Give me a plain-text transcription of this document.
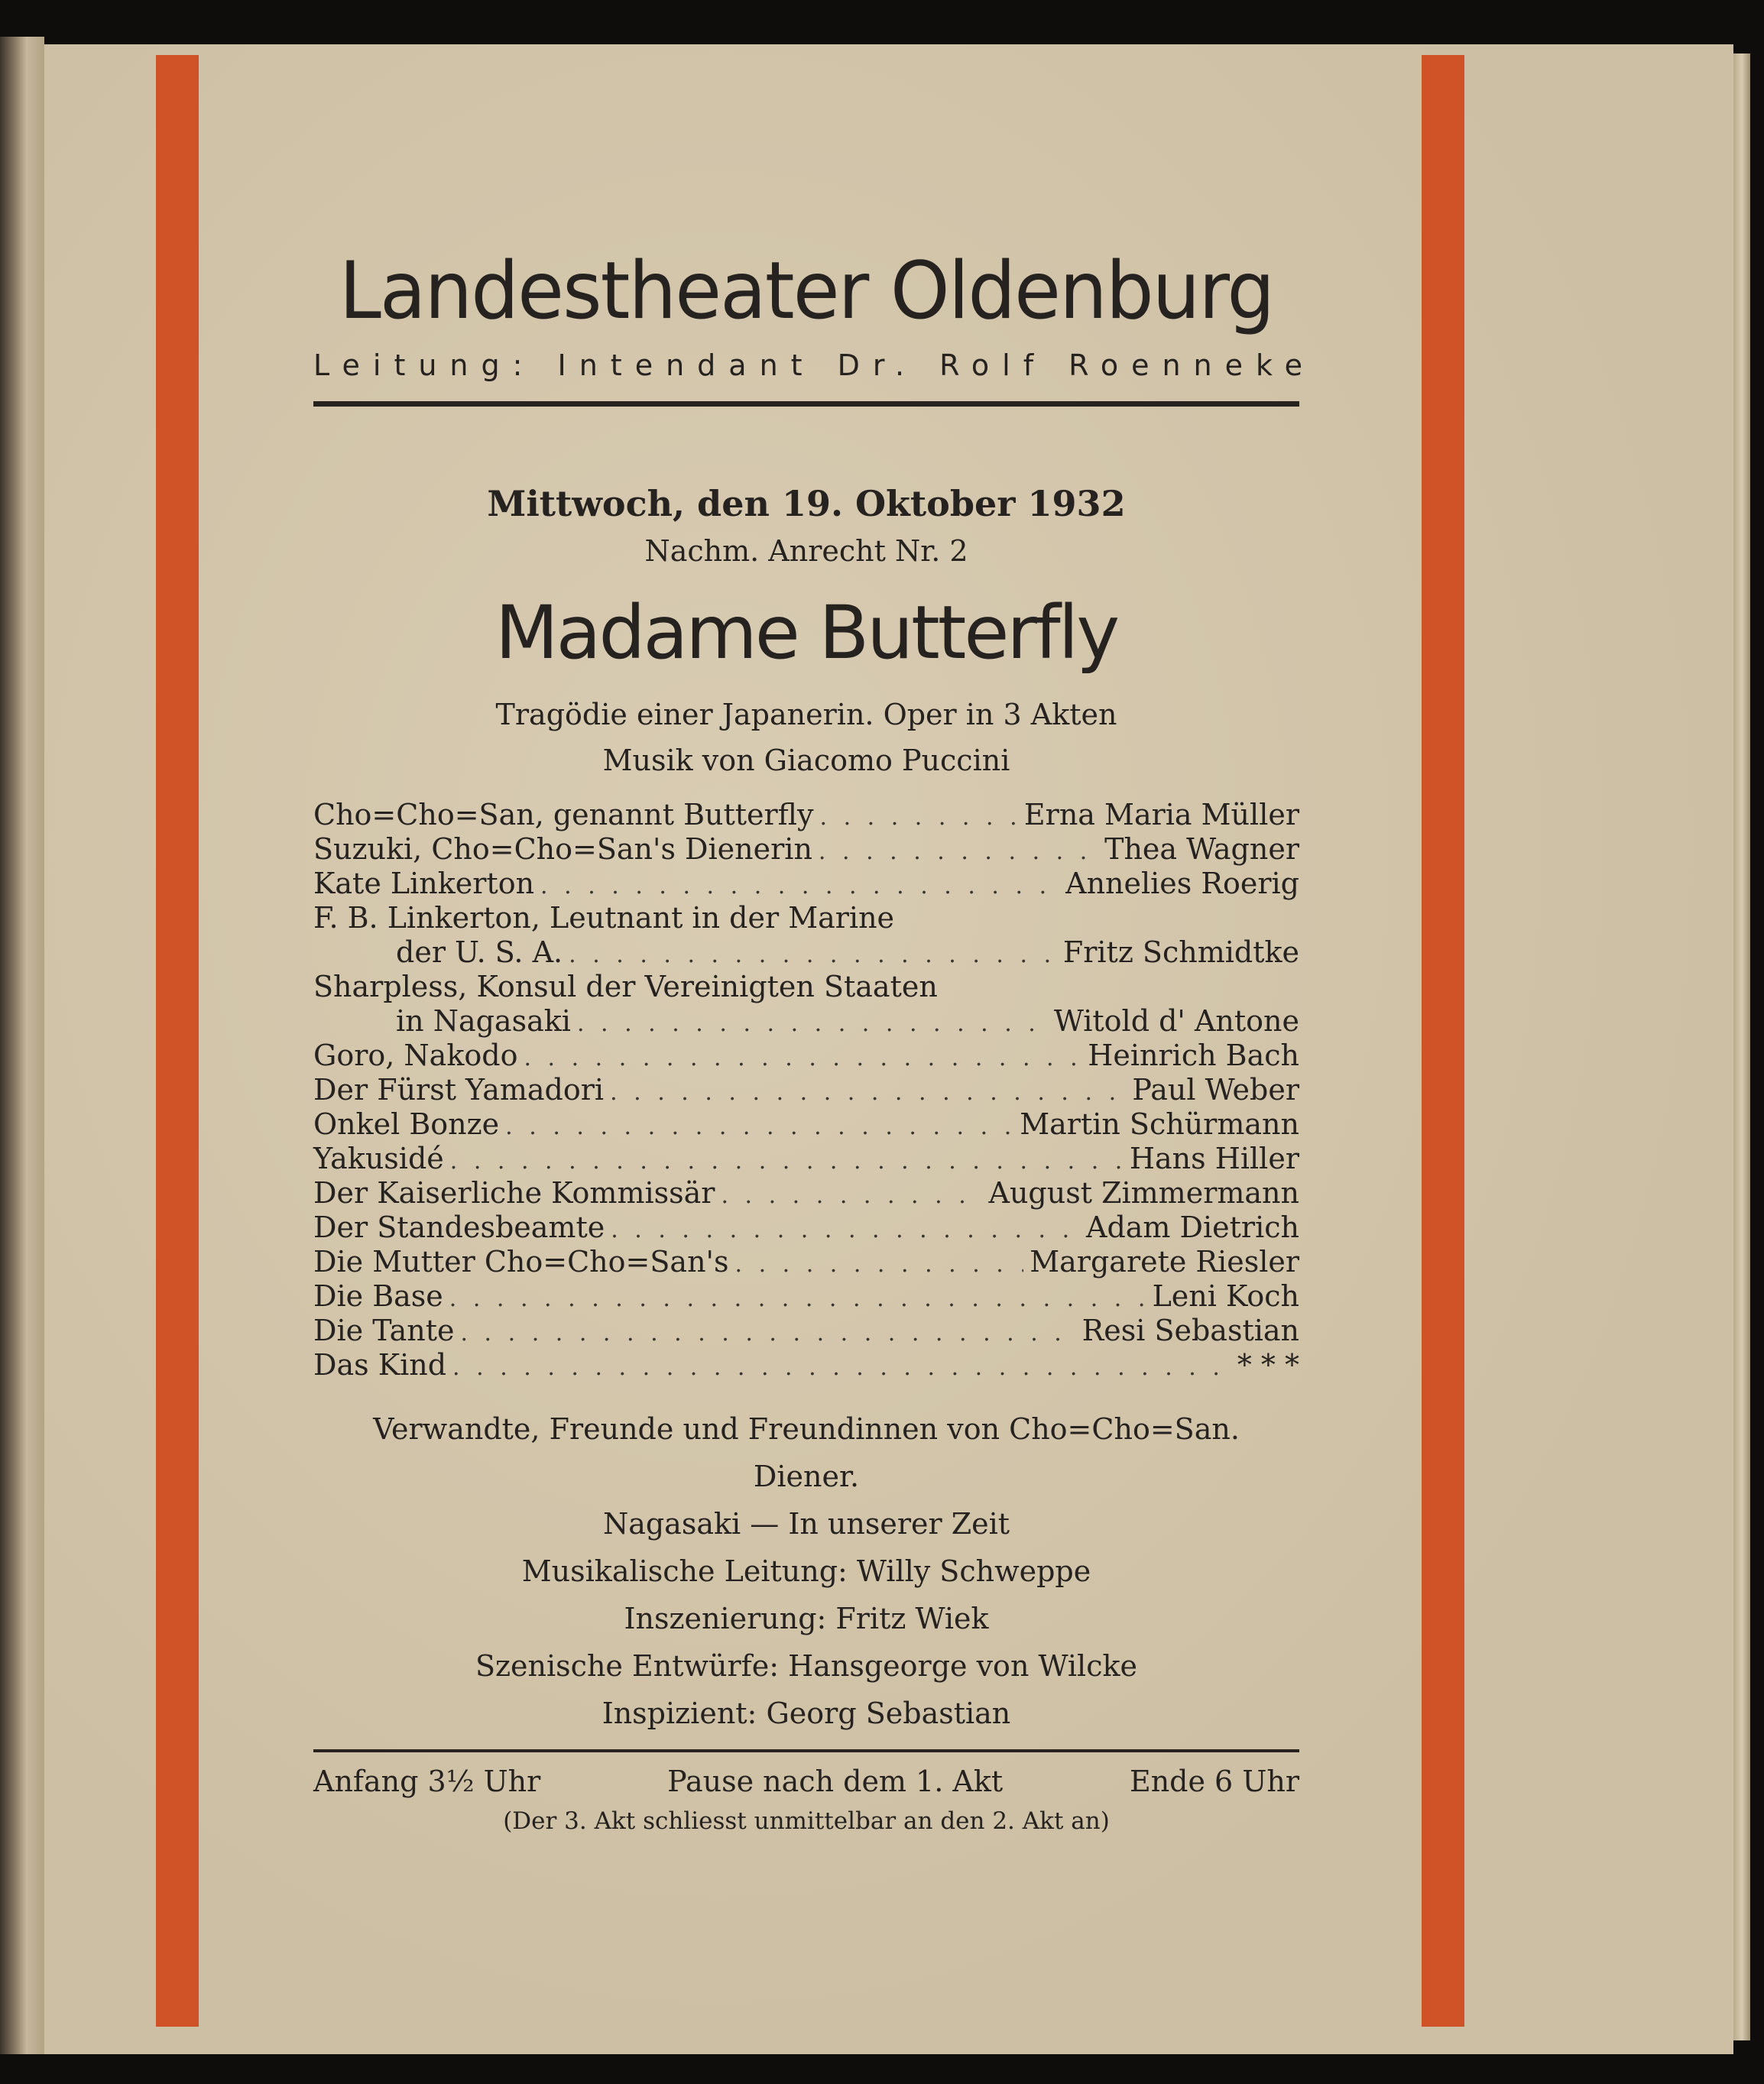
Landestheater Oldenburg
Leitung: Intendant Dr. Rolf Roenneke
Mittwoch, den 19. Oktober 1932
Nachm. Anrecht Nr. 2
Madame Butterfly
Tragödie einer Japanerin. Oper in 3 Akten
Musik von Giacomo Puccini
Cho=Cho=San, genannt Butterfly . . .	Erna Maria Müller
Suzuki, Cho=Cho=San's Dienerin . . .	Thea Wagner
Kate Linkerton . . .	Annelies Roerig
F. B. Linkerton, Leutnant in der Marine
der U. S. A. . . .	Fritz Schmidtke
Sharpless, Konsul der Vereinigten Staaten
in Nagasaki . . .	Witold d' Antone
Goro, Nakodo . . .	Heinrich Bach
Der Fürst Yamadori . . .	Paul Weber
Onkel Bonze . . .	Martin Schürmann
Yakusidé . . .	Hans Hiller
Der Kaiserliche Kommissär . . .	August Zimmermann
Der Standesbeamte . . .	Adam Dietrich
Die Mutter Cho=Cho=San's . . .	Margarete Riesler
Die Base . . .	Leni Koch
Die Tante . . .	Resi Sebastian
Das Kind . . .	* * *
Verwandte, Freunde und Freundinnen von Cho=Cho=San.
Diener.
Nagasaki — In unserer Zeit
Musikalische Leitung: Willy Schweppe
Inszenierung: Fritz Wiek
Szenische Entwürfe: Hansgeorge von Wilcke
Inspizient: Georg Sebastian
Anfang 3½ Uhr	Pause nach dem 1. Akt	Ende 6 Uhr
(Der 3. Akt schliesst unmittelbar an den 2. Akt an)
